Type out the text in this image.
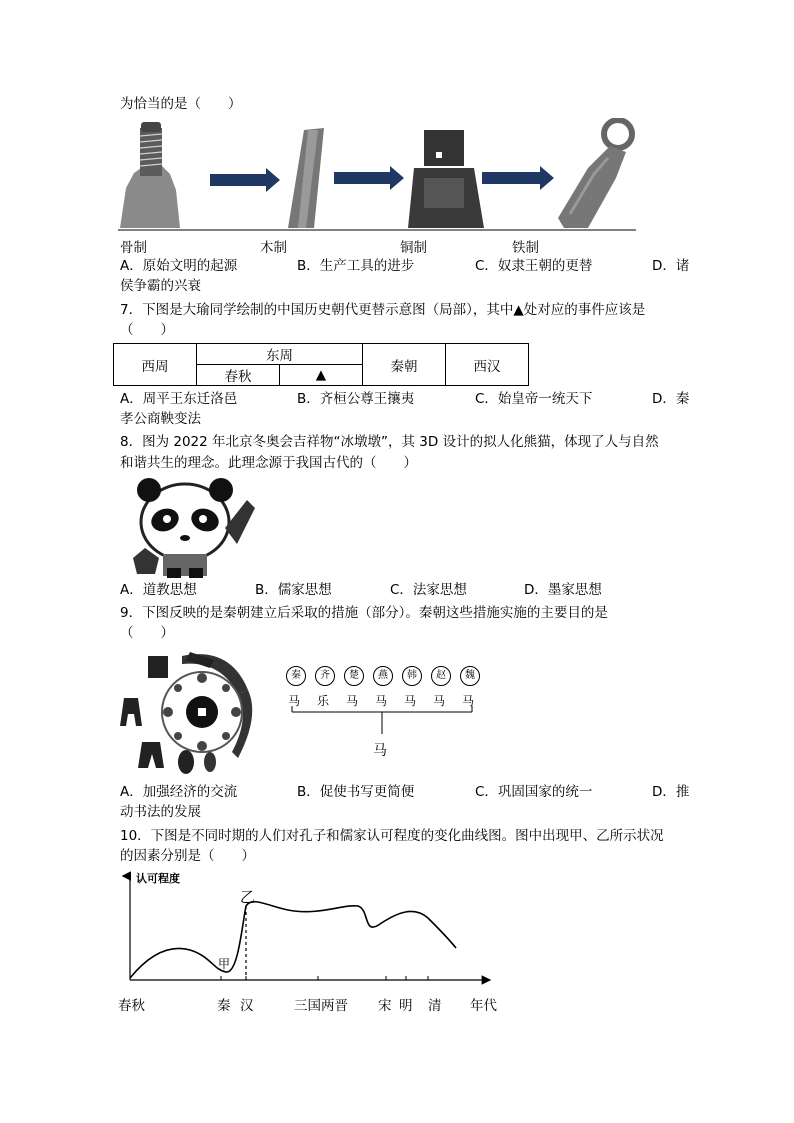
为恰当的是（　　）
骨制	木制	铜制	铁制
A．原始文明的起源	B．生产工具的进步	C．奴隶王朝的更替	D．诸
侯争霸的兴衰
7．下图是大瑜同学绘制的中国历史朝代更替示意图（局部），其中▲处对应的事件应该是
（　　）
西周	东周		秦朝	西汉
	春秋	▲		
A．周平王东迁洛邑	B．齐桓公尊王攘夷	C．始皇帝一统天下	D．秦
孝公商鞅变法
8．图为 2022 年北京冬奥会吉祥物“冰墩墩”，其 3D 设计的拟人化熊猫，体现了人与自然
和谐共生的理念。此理念源于我国古代的（　　）
A．道教思想	B．儒家思想	C．法家思想	D．墨家思想
9．下图反映的是秦朝建立后采取的措施（部分）。秦朝这些措施实施的主要目的是
（　　）
秦
马
齐
乐
楚
马
燕
马
韩
马
赵
马
魏
马
马
A．加强经济的交流	B．促使书写更简便	C．巩固国家的统一	D．推
动书法的发展
10．下图是不同时期的人们对孔子和儒家认可程度的变化曲线图。图中出现甲、乙所示状况
的因素分别是（　　）
认可程度
乙
甲
春秋	秦 汉	三国两晋 宋 明 清 年代
